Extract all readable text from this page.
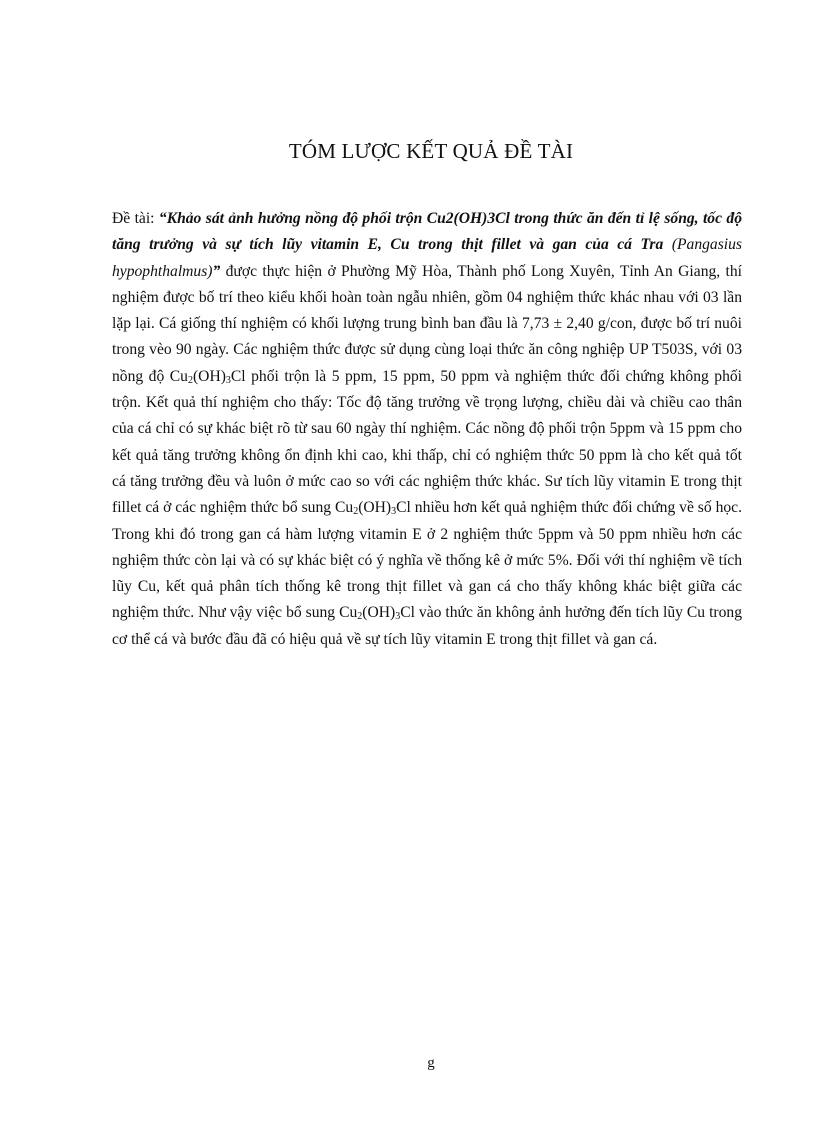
TÓM LƯỢC KẾT QUẢ ĐỀ TÀI

Đề tài: “Khảo sát ảnh hưởng nồng độ phối trộn Cu2(OH)3Cl trong thức ăn đến tỉ lệ sống, tốc độ tăng trưởng và sự tích lũy vitamin E, Cu trong thịt fillet và gan của cá Tra (Pangasius hypophthalmus)” được thực hiện ở Phường Mỹ Hòa, Thành phố Long Xuyên, Tỉnh An Giang, thí nghiệm được bố trí theo kiểu khối hoàn toàn ngẫu nhiên, gồm 04 nghiệm thức khác nhau với 03 lần lặp lại. Cá giống thí nghiệm có khối lượng trung bình ban đầu là 7,73 ± 2,40 g/con, được bố trí nuôi trong vèo 90 ngày. Các nghiệm thức được sử dụng cùng loại thức ăn công nghiệp UP T503S, với 03 nồng độ $Cu_2(OH)_3Cl$ phối trộn là 5 ppm, 15 ppm, 50 ppm và nghiệm thức đối chứng không phối trộn. Kết quả thí nghiệm cho thấy: Tốc độ tăng trưởng về trọng lượng, chiều dài và chiều cao thân của cá chỉ có sự khác biệt rõ từ sau 60 ngày thí nghiệm. Các nồng độ phối trộn 5ppm và 15 ppm cho kết quả tăng trưởng không ổn định khi cao, khi thấp, chỉ có nghiệm thức 50 ppm là cho kết quả tốt cá tăng trưởng đều và luôn ở mức cao so với các nghiệm thức khác. Sư tích lũy vitamin E trong thịt fillet cá ở các nghiệm thức bổ sung $Cu_2(OH)_3Cl$ nhiều hơn kết quả nghiệm thức đối chứng về số học. Trong khi đó trong gan cá hàm lượng vitamin E ở 2 nghiệm thức 5ppm và 50 ppm nhiều hơn các nghiệm thức còn lại và có sự khác biệt có ý nghĩa về thống kê ở mức 5%. Đối với thí nghiệm về tích lũy Cu, kết quả phân tích thống kê trong thịt fillet và gan cá cho thấy không khác biệt giữa các nghiệm thức. Như vậy việc bổ sung $Cu_2(OH)_3Cl$ vào thức ăn không ảnh hưởng đến tích lũy Cu trong cơ thể cá và bước đầu đã có hiệu quả về sự tích lũy vitamin E trong thịt fillet và gan cá.

g
